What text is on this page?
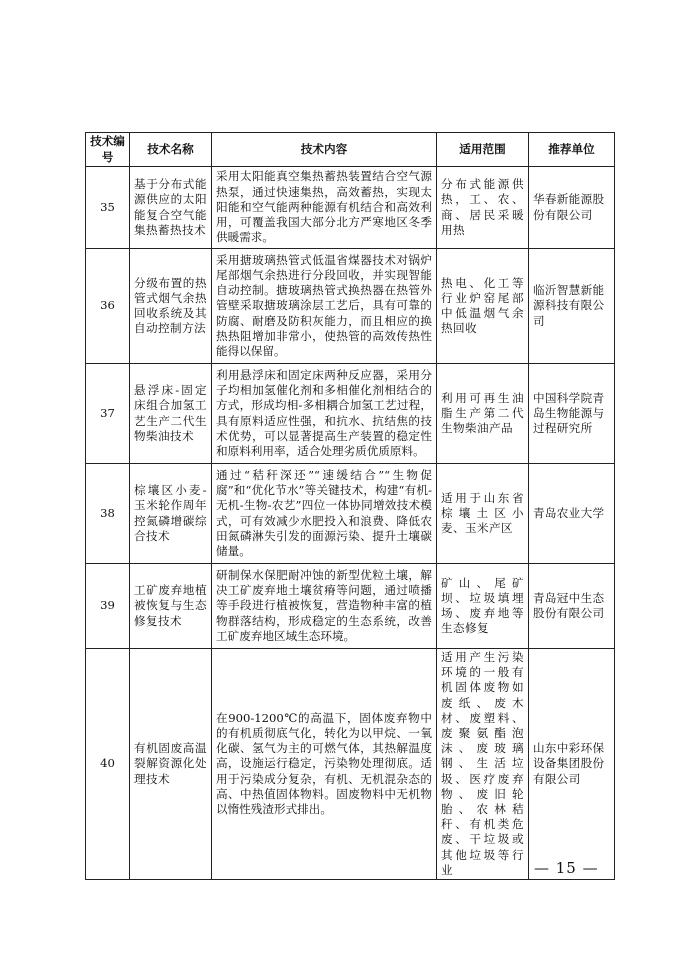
技术编号	技术名称	技术内容	适用范围	推荐单位

35	基于分布式能源供应的太阳能复合空气能集热蓄热技术	采用太阳能真空集热蓄热装置结合空气源热泵，通过快速集热，高效蓄热，实现太阳能和空气能两种能源有机结合和高效利用，可覆盖我国大部分北方严寒地区冬季供暖需求。	分布式能源供热，工、农、商、居民采暖用热	华春新能源股份有限公司

36	分级布置的热管式烟气余热回收系统及其自动控制方法	采用搪玻璃热管式低温省煤器技术对锅炉尾部烟气余热进行分段回收，并实现智能自动控制。搪玻璃热管式换热器在热管外管壁采取搪玻璃涂层工艺后，具有可靠的防腐、耐磨及防积灰能力，而且相应的换热热阻增加非常小，使热管的高效传热性能得以保留。	热电、化工等行业炉窑尾部中低温烟气余热回收	临沂智慧新能源科技有限公司

37	悬浮床-固定床组合加氢工艺生产二代生物柴油技术	利用悬浮床和固定床两种反应器，采用分子均相加氢催化剂和多相催化剂相结合的方式，形成均相-多相耦合加氢工艺过程，具有原料适应性强，和抗水、抗结焦的技术优势，可以显著提高生产装置的稳定性和原料利用率，适合处理劣质优质原料。	利用可再生油脂生产第二代生物柴油产品	中国科学院青岛生物能源与过程研究所

38	棕壤区小麦-玉米轮作周年控氮磷增碳综合技术	通过“秸秆深还”“速缓结合”“生物促腐”和“优化节水”等关键技术，构建“有机-无机-生物-农艺”四位一体协同增效技术模式，可有效减少水肥投入和浪费、降低农田氮磷淋失引发的面源污染、提升土壤碳储量。	适用于山东省棕壤土区小麦、玉米产区	青岛农业大学

39	工矿废弃地植被恢复与生态修复技术	研制保水保肥耐冲蚀的新型优粒土壤，解决工矿废弃地土壤贫瘠等问题，通过喷播等手段进行植被恢复，营造物种丰富的植物群落结构，形成稳定的生态系统，改善工矿废弃地区域生态环境。	矿山、尾矿坝、垃圾填埋场、废弃地等生态修复	青岛冠中生态股份有限公司

40	有机固废高温裂解资源化处理技术	在900-1200℃的高温下，固体废弃物中的有机质彻底气化，转化为以甲烷、一氧化碳、氢气为主的可燃气体，其热解温度高，设施运行稳定，污染物处理彻底。适用于污染成分复杂，有机、无机混杂态的高、中热值固体物料。固废物料中无机物以惰性残渣形式排出。	适用产生污染环境的一般有机固体废物如废纸、废木材、废塑料、废聚氨酯泡沫、废玻璃钢、生活垃圾、医疗废弃物、废旧轮胎、农林秸秆、有机类危废、干垃圾或其他垃圾等行业	山东中彩环保设备集团股份有限公司
— 15 —
